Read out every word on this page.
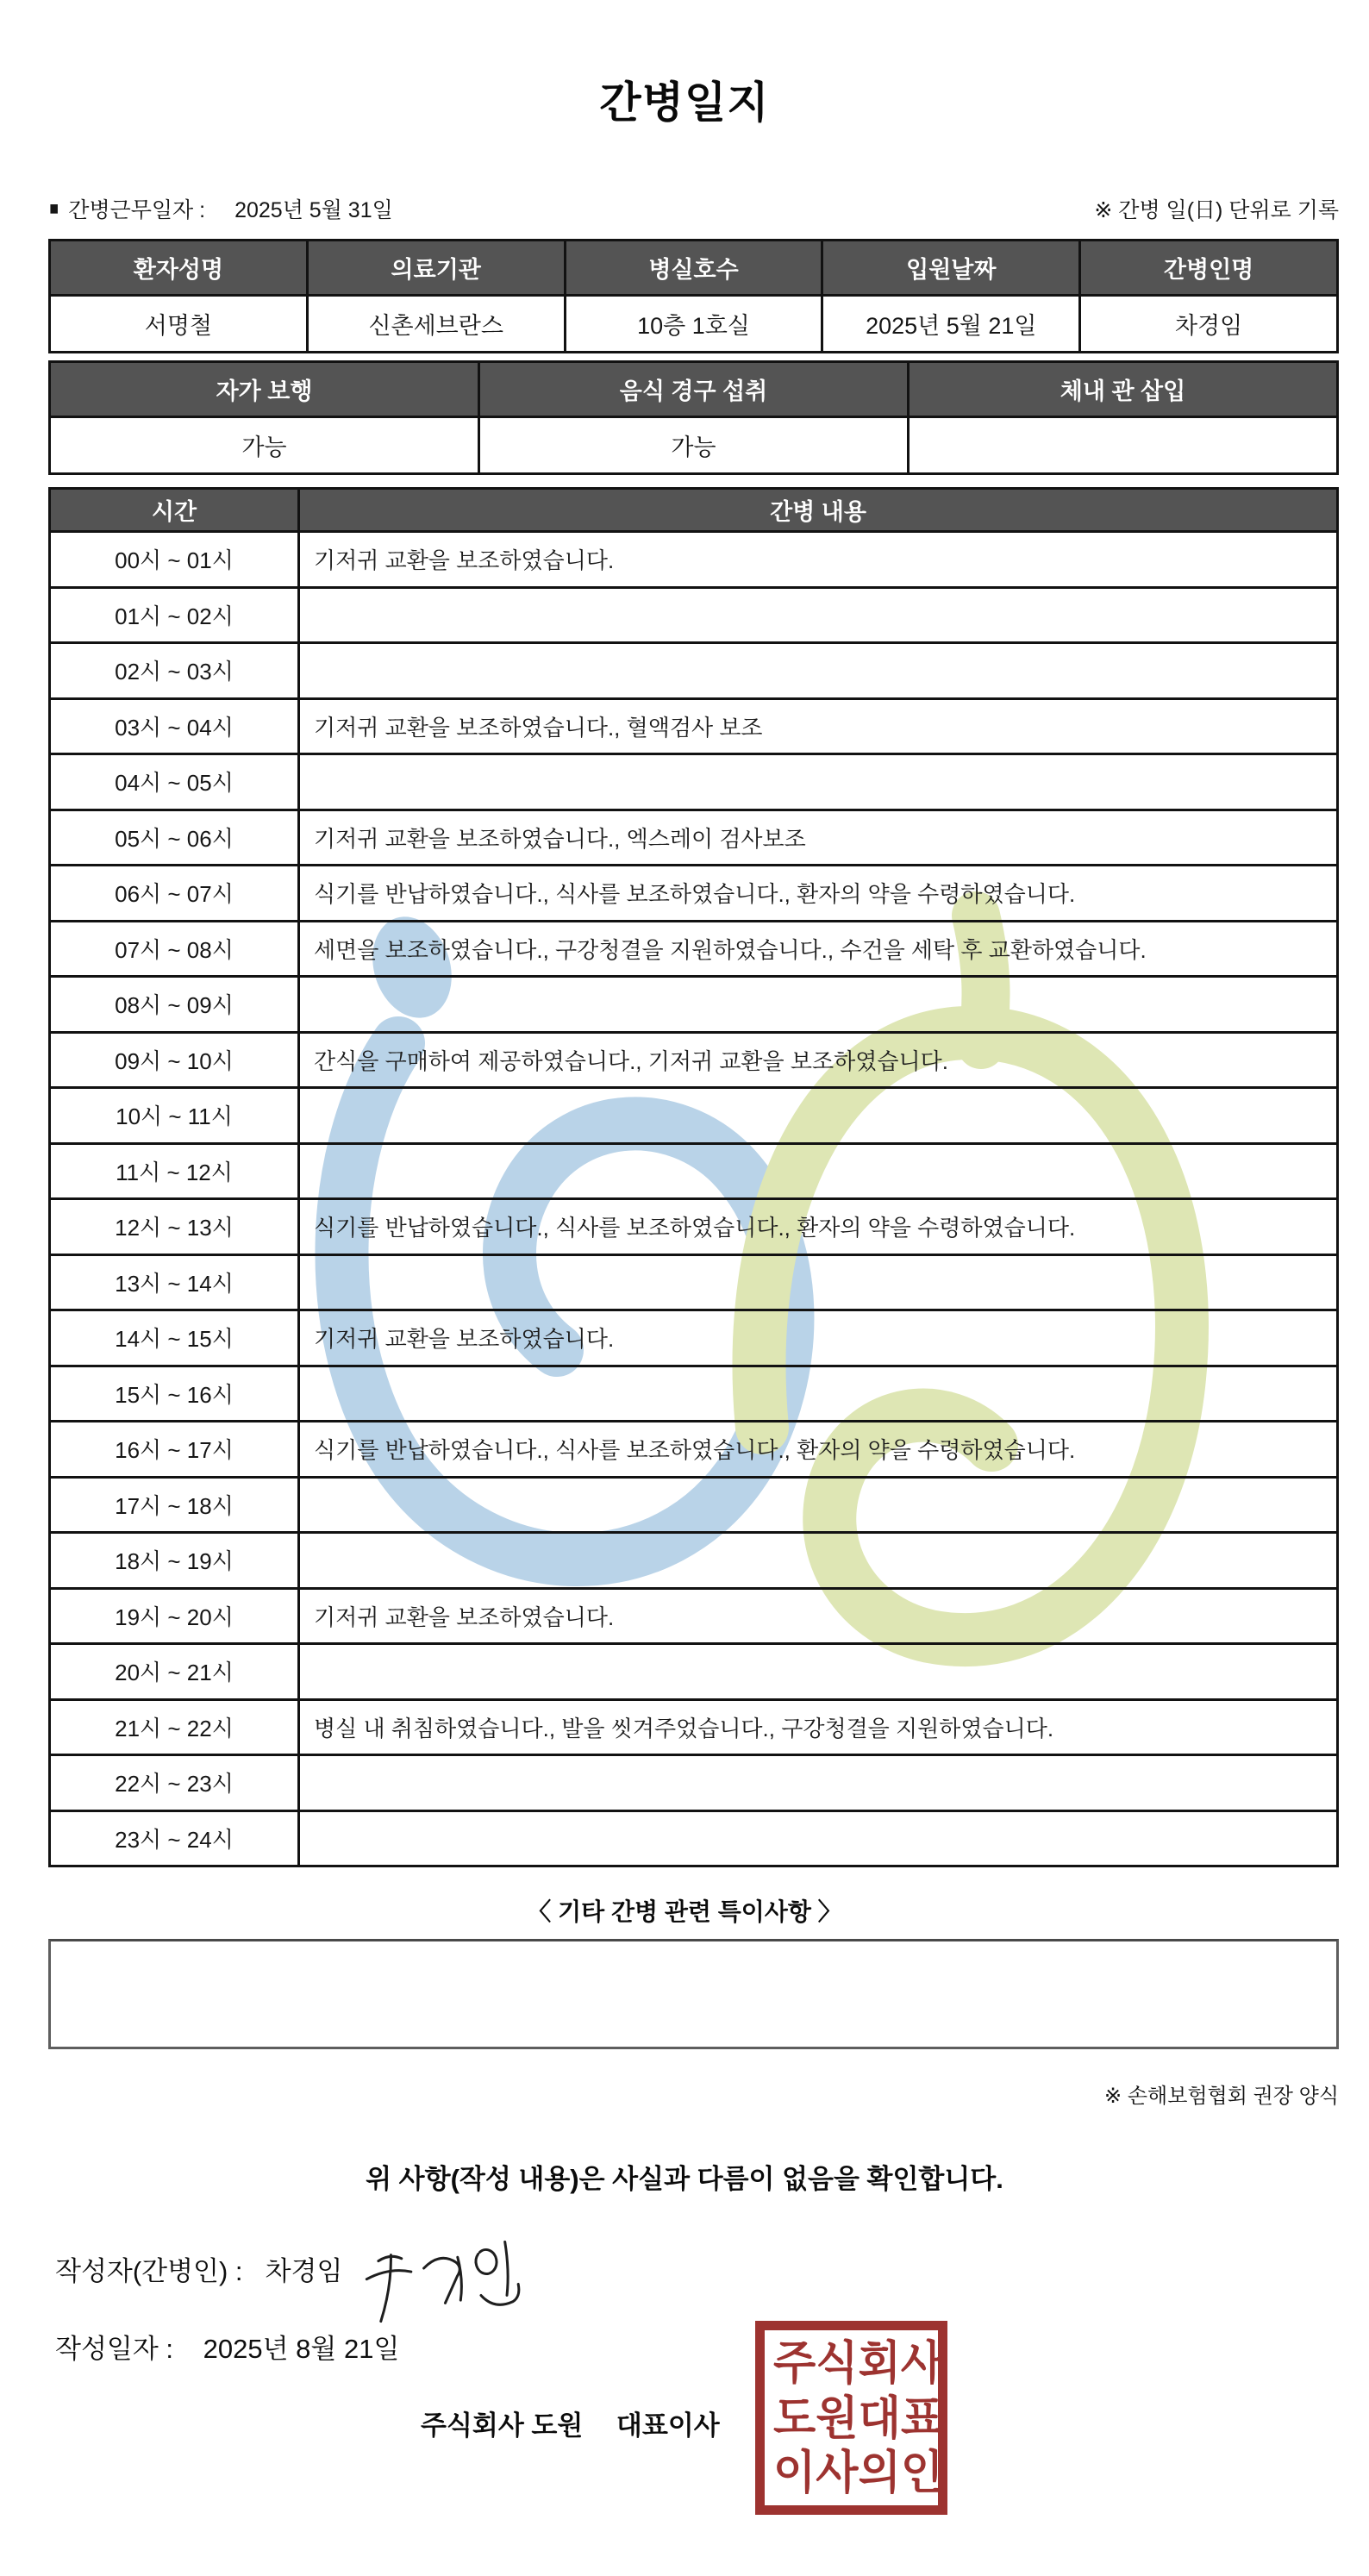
간병일지
■ 간병근무일자 : 2025년 5월 31일	※ 간병 일(日) 단위로 기록
환자성명	의료기관	병실호수	입원날짜	간병인명
서명철	신촌세브란스	10층 1호실	2025년 5월 21일	차경임
자가 보행	음식 경구 섭취	체내 관 삽입
가능	가능	
시간	간병 내용
00시 ~ 01시	기저귀 교환을 보조하였습니다.
01시 ~ 02시	
02시 ~ 03시	
03시 ~ 04시	기저귀 교환을 보조하였습니다., 혈액검사 보조
04시 ~ 05시	
05시 ~ 06시	기저귀 교환을 보조하였습니다., 엑스레이 검사보조
06시 ~ 07시	식기를 반납하였습니다., 식사를 보조하였습니다., 환자의 약을 수령하였습니다.
07시 ~ 08시	세면을 보조하였습니다., 구강청결을 지원하였습니다., 수건을 세탁 후 교환하였습니다.
08시 ~ 09시	
09시 ~ 10시	간식을 구매하여 제공하였습니다., 기저귀 교환을 보조하였습니다.
10시 ~ 11시	
11시 ~ 12시	
12시 ~ 13시	식기를 반납하였습니다., 식사를 보조하였습니다., 환자의 약을 수령하였습니다.
13시 ~ 14시	
14시 ~ 15시	기저귀 교환을 보조하였습니다.
15시 ~ 16시	
16시 ~ 17시	식기를 반납하였습니다., 식사를 보조하였습니다., 환자의 약을 수령하였습니다.
17시 ~ 18시	
18시 ~ 19시	
19시 ~ 20시	기저귀 교환을 보조하였습니다.
20시 ~ 21시	
21시 ~ 22시	병실 내 취침하였습니다., 발을 씻겨주었습니다., 구강청결을 지원하였습니다.
22시 ~ 23시	
23시 ~ 24시	
〈 기타 간병 관련 특이사항 〉
※ 손해보험협회 권장 양식
위 사항(작성 내용)은 사실과 다름이 없음을 확인합니다.
작성자(간병인) : 차경임
작성일자 : 2025년 8월 21일
주식회사 도원 대표이사
주 식 회 사
도 원 대 표
이 사 의 인
